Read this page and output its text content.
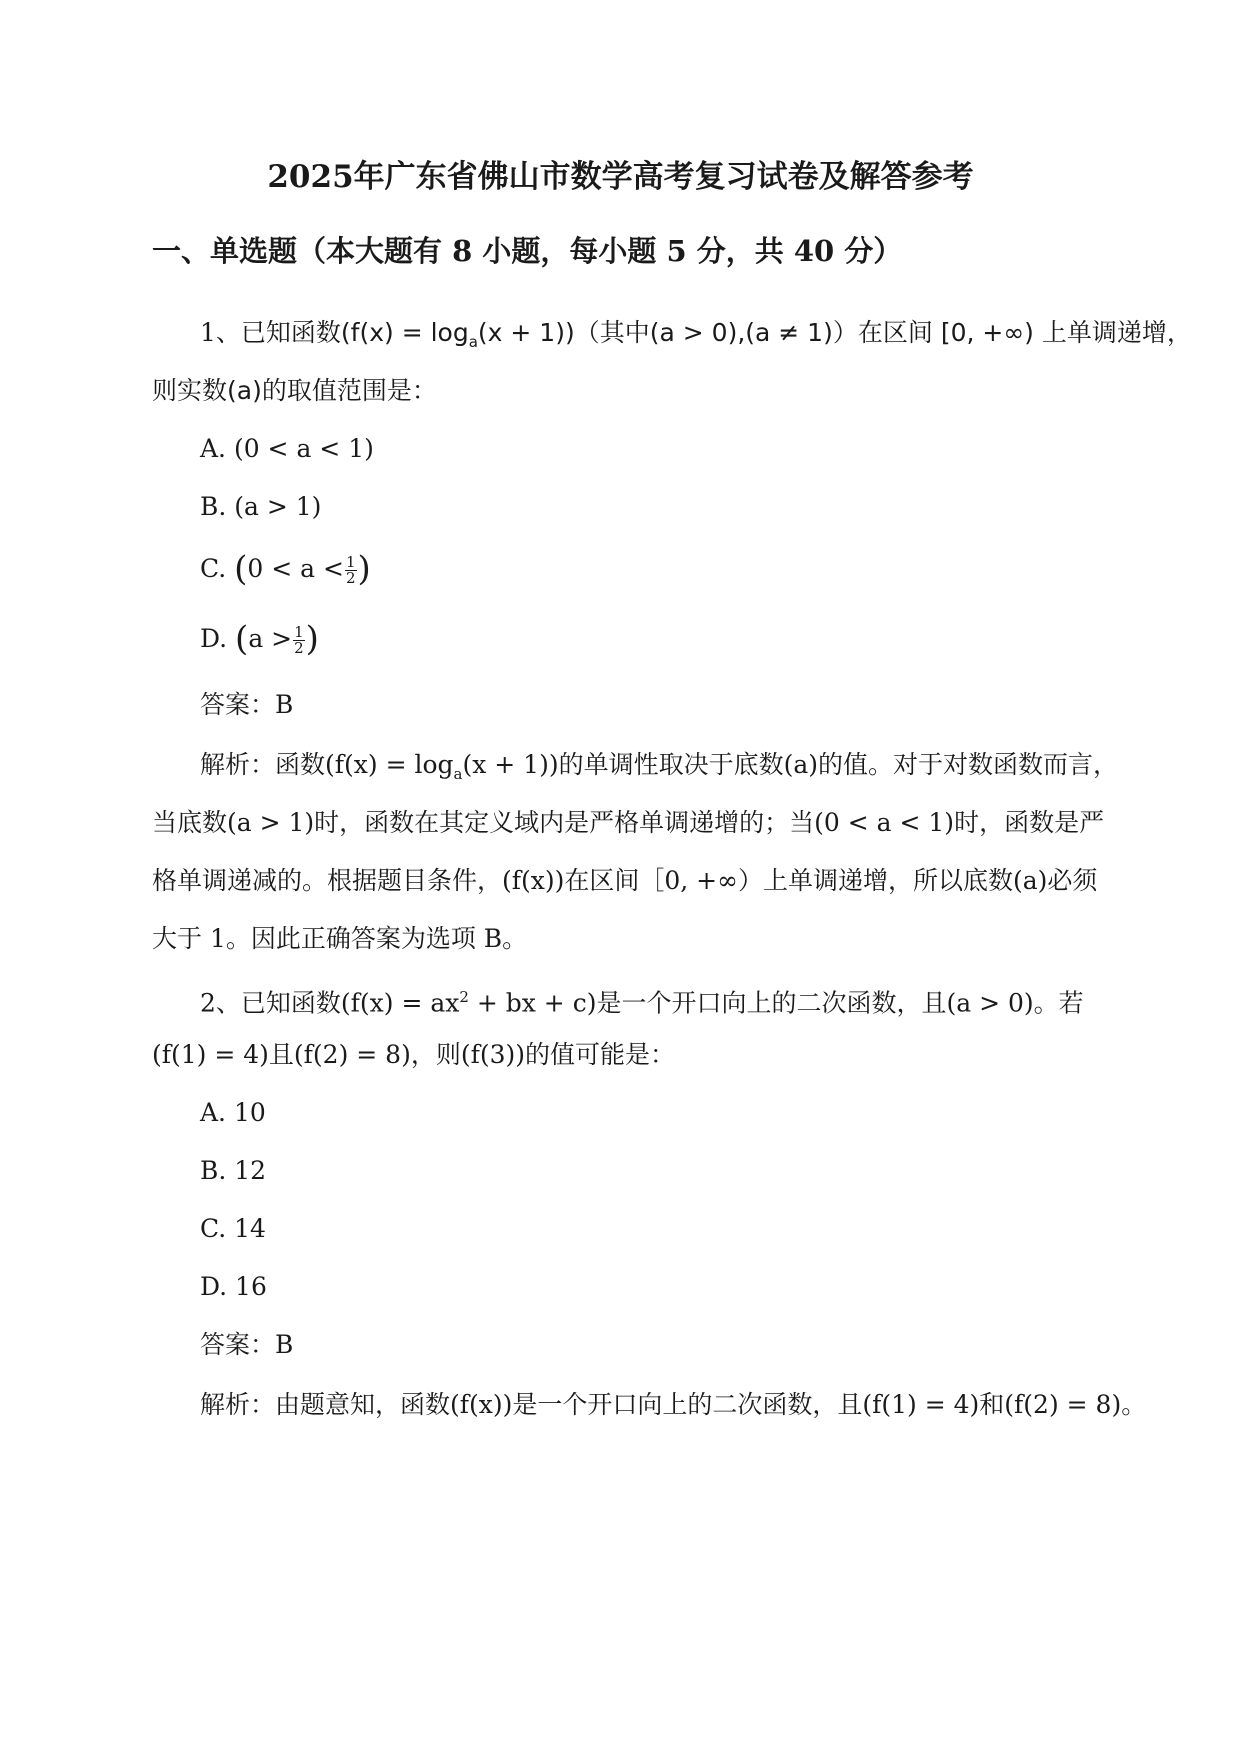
2025年广东省佛山市数学高考复习试卷及解答参考
一、单选题（本大题有 8 小题，每小题 5 分，共 40 分）
1、已知函数$(f(x) = \log_a(x + 1))$（其中(a > 0),(a ≠ 1)）在区间 [0, +∞) 上单调递增，
则实数(a)的取值范围是：
A. (0 < a < 1)
B. (a > 1)
C. ($0 < a < \frac{1}{2}$ )
D. ($a > \frac{1}{2}$ )
答案：B
解析：函数$(f(x) = \log_a(x + 1))$的单调性取决于底数(a)的值。对于对数函数而言，
当底数(a > 1)时，函数在其定义域内是严格单调递增的；当(0 < a < 1)时，函数是严
格单调递减的。根据题目条件，(f(x))在区间［0, +∞）上单调递增，所以底数(a)必须
大于 1。因此正确答案为选项 B。
2、已知函数($f(x) = ax^2$ + bx + c)是一个开口向上的二次函数，且(a > 0)。若
(f(1) = 4)且(f(2) = 8)，则(f(3))的值可能是：
A. 10
B. 12
C. 14
D. 16
答案：B
解析：由题意知，函数(f(x))是一个开口向上的二次函数，且(f(1) = 4)和(f(2) = 8)。
